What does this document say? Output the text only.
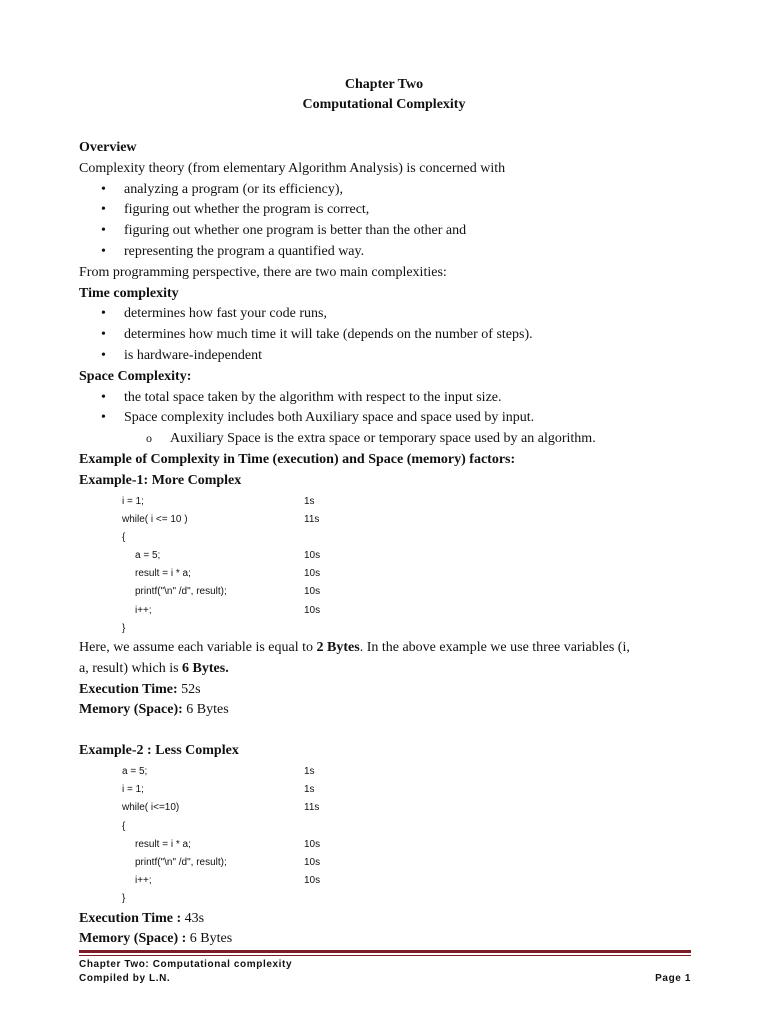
Chapter Two
Computational Complexity
Overview
Complexity theory (from elementary Algorithm Analysis) is concerned with
• analyzing a program (or its efficiency),
• figuring out whether the program is correct,
• figuring out whether one program is better than the other and
• representing the program a quantified way.
From programming perspective, there are two main complexities:
Time complexity
• determines how fast your code runs,
• determines how much time it will take (depends on the number of steps).
• is hardware-independent
Space Complexity:
• the total space taken by the algorithm with respect to the input size.
• Space complexity includes both Auxiliary space and space used by input.
o Auxiliary Space is the extra space or temporary space used by an algorithm.
Example of Complexity in Time (execution) and Space (memory) factors:
Example-1: More Complex
i = 1;	1s
while( i <= 10 )	11s
{
a = 5;	10s
result = i * a;	10s
printf("\n" /d", result);	10s
i++;	10s
}
Here, we assume each variable is equal to 2 Bytes. In the above example we use three variables (i,
a, result) which is 6 Bytes.
Execution Time: 52s
Memory (Space): 6 Bytes
Example-2 : Less Complex
a = 5;	1s
i = 1;	1s
while( i<=10)	11s
{
result = i * a;	10s
printf("\n" /d", result);	10s
i++;	10s
}
Execution Time : 43s
Memory (Space) : 6 Bytes
Chapter Two: Computational complexity
Compiled by L.N.	Page 1
